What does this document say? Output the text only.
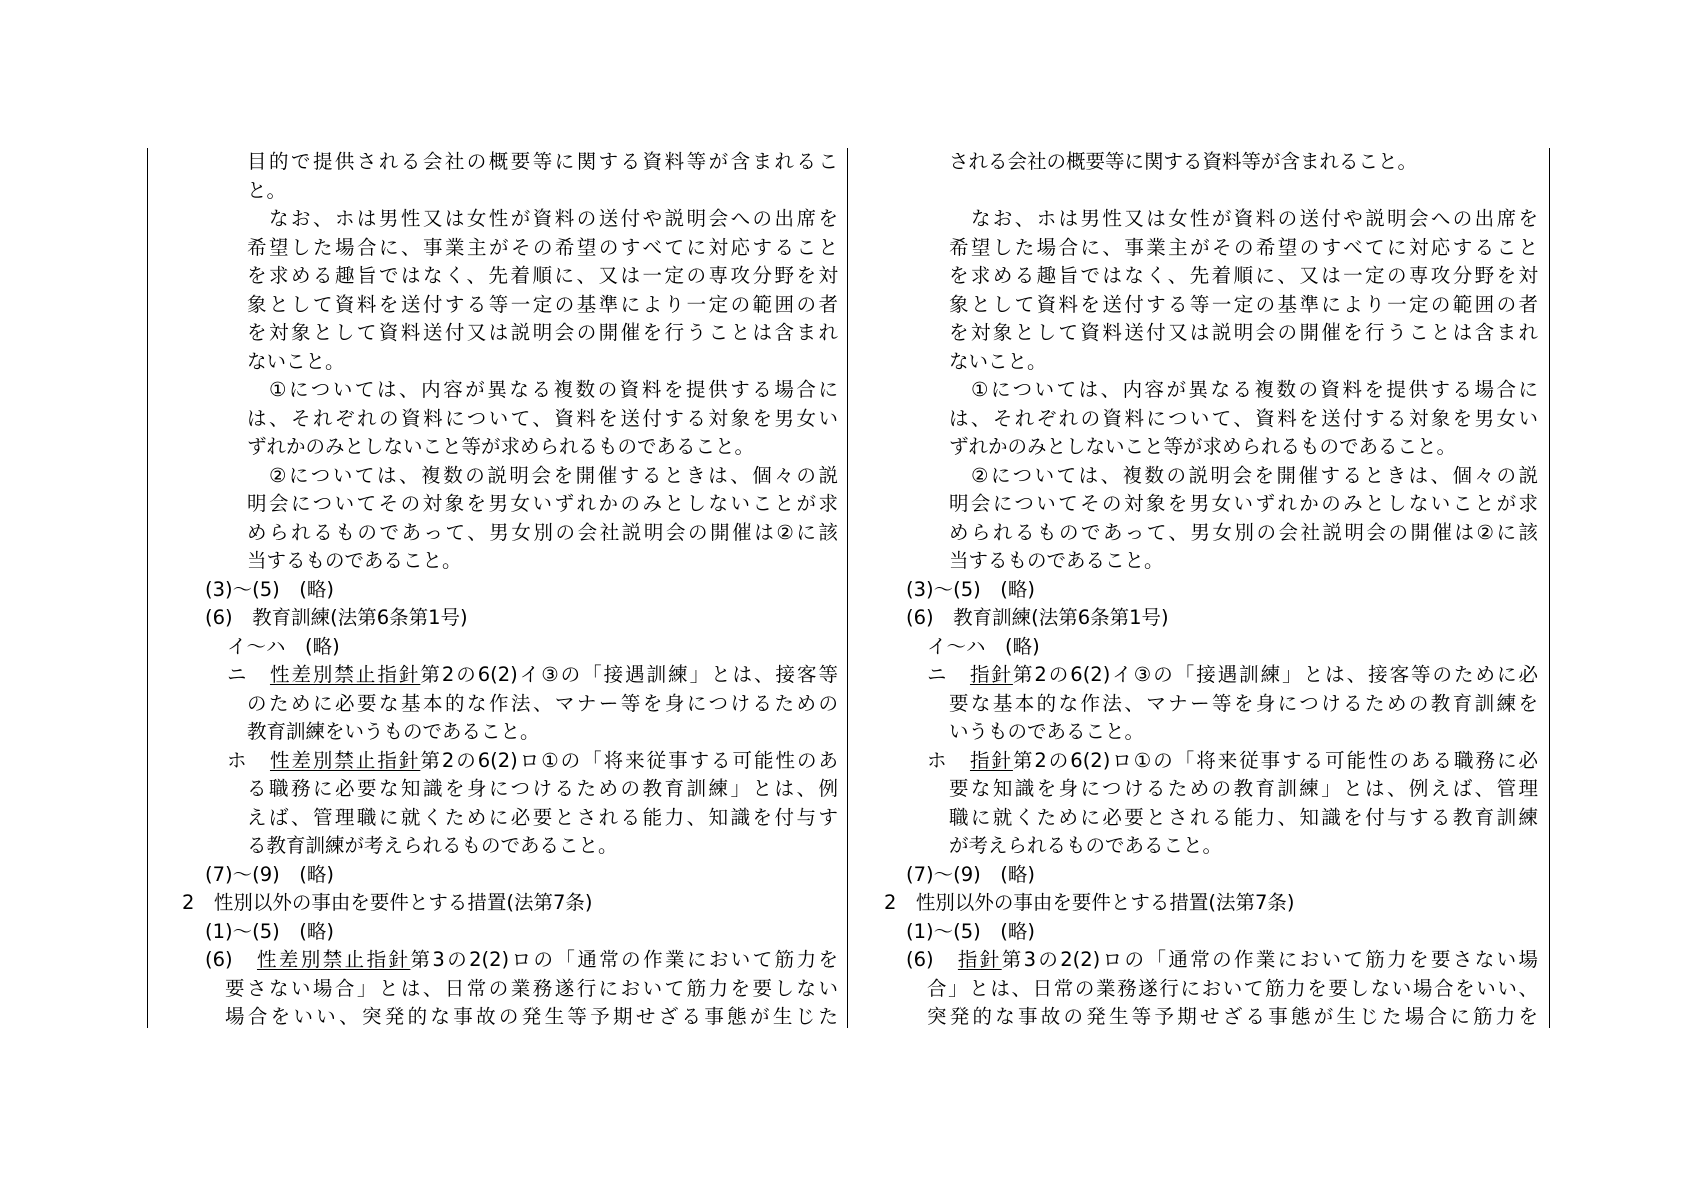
目的で提供される会社の概要等に関する資料等が含まれるこ
と。
なお、ホは男性又は女性が資料の送付や説明会への出席を
希望した場合に、事業主がその希望のすべてに対応すること
を求める趣旨ではなく、先着順に、又は一定の専攻分野を対
象として資料を送付する等一定の基準により一定の範囲の者
を対象として資料送付又は説明会の開催を行うことは含まれ
ないこと。
①については、内容が異なる複数の資料を提供する場合に
は、それぞれの資料について、資料を送付する対象を男女い
ずれかのみとしないこと等が求められるものであること。
②については、複数の説明会を開催するときは、個々の説
明会についてその対象を男女いずれかのみとしないことが求
められるものであって、男女別の会社説明会の開催は②に該
当するものであること。
(3)～(5)　(略)
(6)　教育訓練(法第6条第1号)
イ～ハ　(略)
ニ　性差別禁止指針第2の6(2)イ③の「接遇訓練」とは、接客等
のために必要な基本的な作法、マナー等を身につけるための
教育訓練をいうものであること。
ホ　性差別禁止指針第2の6(2)ロ①の「将来従事する可能性のあ
る職務に必要な知識を身につけるための教育訓練」とは、例
えば、管理職に就くために必要とされる能力、知識を付与す
る教育訓練が考えられるものであること。
(7)～(9)　(略)
2　性別以外の事由を要件とする措置(法第7条)
(1)～(5)　(略)
(6)　性差別禁止指針第3の2(2)ロの「通常の作業において筋力を
要さない場合」とは、日常の業務遂行において筋力を要しない
場合をいい、突発的な事故の発生等予期せざる事態が生じた
される会社の概要等に関する資料等が含まれること。
なお、ホは男性又は女性が資料の送付や説明会への出席を
希望した場合に、事業主がその希望のすべてに対応すること
を求める趣旨ではなく、先着順に、又は一定の専攻分野を対
象として資料を送付する等一定の基準により一定の範囲の者
を対象として資料送付又は説明会の開催を行うことは含まれ
ないこと。
①については、内容が異なる複数の資料を提供する場合に
は、それぞれの資料について、資料を送付する対象を男女い
ずれかのみとしないこと等が求められるものであること。
②については、複数の説明会を開催するときは、個々の説
明会についてその対象を男女いずれかのみとしないことが求
められるものであって、男女別の会社説明会の開催は②に該
当するものであること。
(3)～(5)　(略)
(6)　教育訓練(法第6条第1号)
イ～ハ　(略)
ニ　指針第2の6(2)イ③の「接遇訓練」とは、接客等のために必
要な基本的な作法、マナー等を身につけるための教育訓練を
いうものであること。
ホ　指針第2の6(2)ロ①の「将来従事する可能性のある職務に必
要な知識を身につけるための教育訓練」とは、例えば、管理
職に就くために必要とされる能力、知識を付与する教育訓練
が考えられるものであること。
(7)～(9)　(略)
2　性別以外の事由を要件とする措置(法第7条)
(1)～(5)　(略)
(6)　指針第3の2(2)ロの「通常の作業において筋力を要さない場
合」とは、日常の業務遂行において筋力を要しない場合をいい、
突発的な事故の発生等予期せざる事態が生じた場合に筋力を
